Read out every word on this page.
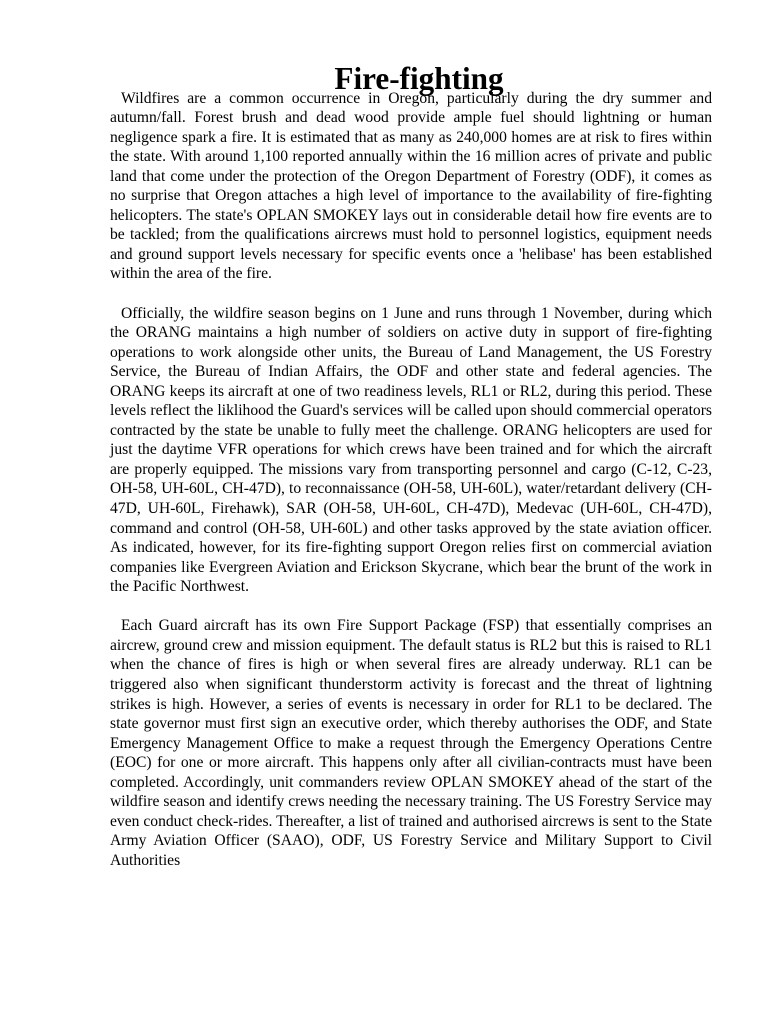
Fire-fighting

Wildfires are a common occurrence in Oregon, particularly during the dry summer and autumn/fall. Forest brush and dead wood provide ample fuel should lightning or human negligence spark a fire. It is estimated that as many as 240,000 homes are at risk to fires within the state. With around 1,100 reported annually within the 16 million acres of private and public land that come under the protection of the Oregon Department of Forestry (ODF), it comes as no surprise that Oregon attaches a high level of importance to the availability of fire-fighting helicopters. The state's OPLAN SMOKEY lays out in considerable detail how fire events are to be tackled; from the qualifications aircrews must hold to personnel logistics, equipment needs and ground support levels necessary for specific events once a 'helibase' has been established within the area of the fire.

Officially, the wildfire season begins on 1 June and runs through 1 November, during which the ORANG maintains a high number of soldiers on active duty in support of fire-fighting operations to work alongside other units, the Bureau of Land Management, the US Forestry Service, the Bureau of Indian Affairs, the ODF and other state and federal agencies. The ORANG keeps its aircraft at one of two readiness levels, RL1 or RL2, during this period. These levels reflect the liklihood the Guard's services will be called upon should commercial operators contracted by the state be unable to fully meet the challenge. ORANG helicopters are used for just the daytime VFR operations for which crews have been trained and for which the aircraft are properly equipped. The missions vary from transporting personnel and cargo (C-12, C-23, OH-58, UH-60L, CH-47D), to reconnaissance (OH-58, UH-60L), water/retardant delivery (CH-47D, UH-60L, Firehawk), SAR (OH-58, UH-60L, CH-47D), Medevac (UH-60L, CH-47D), command and control (OH-58, UH-60L) and other tasks approved by the state aviation officer. As indicated, however, for its fire-fighting support Oregon relies first on commercial aviation companies like Evergreen Aviation and Erickson Skycrane, which bear the brunt of the work in the Pacific Northwest.

Each Guard aircraft has its own Fire Support Package (FSP) that essentially comprises an aircrew, ground crew and mission equipment. The default status is RL2 but this is raised to RL1 when the chance of fires is high or when several fires are already underway. RL1 can be triggered also when significant thunderstorm activity is forecast and the threat of lightning strikes is high. However, a series of events is necessary in order for RL1 to be declared. The state governor must first sign an executive order, which thereby authorises the ODF, and State Emergency Management Office to make a request through the Emergency Operations Centre (EOC) for one or more aircraft. This happens only after all civilian-contracts must have been completed. Accordingly, unit commanders review OPLAN SMOKEY ahead of the start of the wildfire season and identify crews needing the necessary training. The US Forestry Service may even conduct check-rides. Thereafter, a list of trained and authorised aircrews is sent to the State Army Aviation Officer (SAAO), ODF, US Forestry Service and Military Support to Civil Authorities
